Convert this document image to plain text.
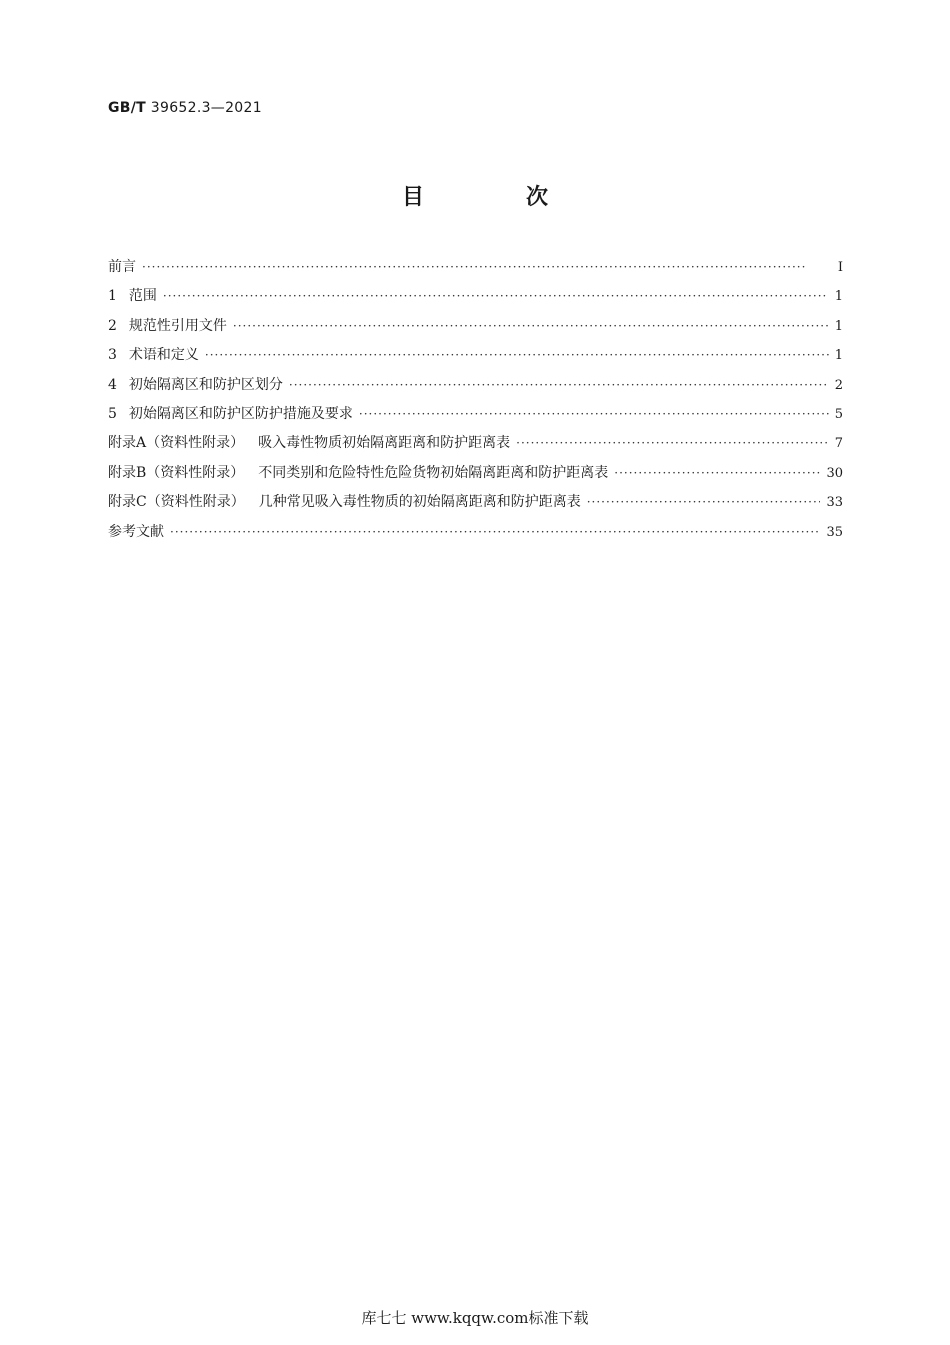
GB/T 39652.3—2021
目　次
前言 ·····	Ⅰ
1 范围 ·····	1
2 规范性引用文件 ·····	1
3 术语和定义 ·····	1
4 初始隔离区和防护区划分 ·····	2
5 初始隔离区和防护区防护措施及要求 ·····	5
附录A（资料性附录） 吸入毒性物质初始隔离距离和防护距离表 ·····	7
附录B（资料性附录） 不同类别和危险特性危险货物初始隔离距离和防护距离表 ·····	30
附录C（资料性附录） 几种常见吸入毒性物质的初始隔离距离和防护距离表 ·····	33
参考文献 ·····	35
库七七 www.kqqw.com标准下载
